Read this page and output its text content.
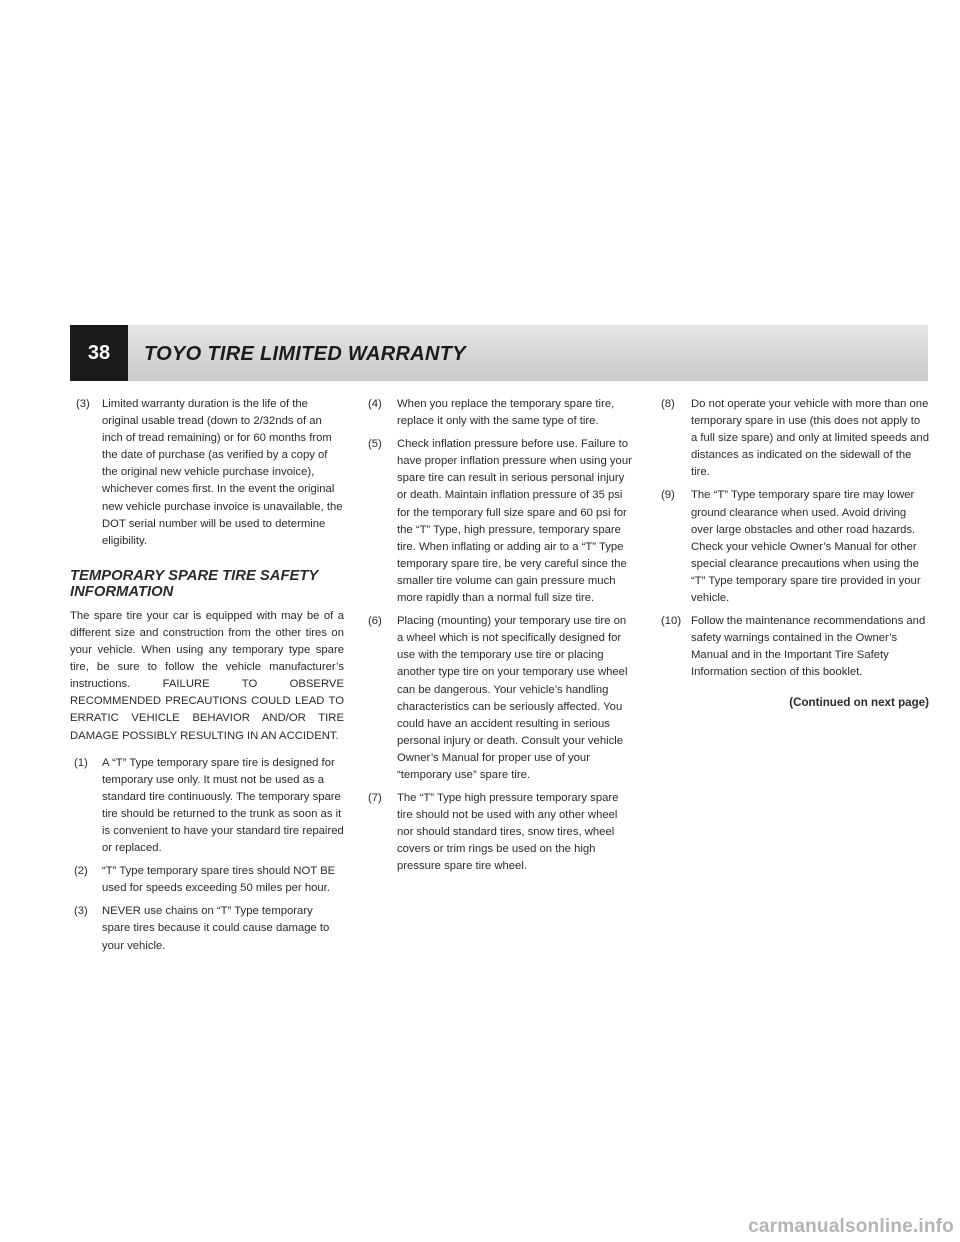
38	TOYO TIRE LIMITED WARRANTY
(3) Limited warranty duration is the life of the original usable tread (down to 2/32nds of an inch of tread remaining) or for 60 months from the date of purchase (as verified by a copy of the original new vehicle purchase invoice), whichever comes first. In the event the original new vehicle purchase invoice is unavailable, the DOT serial number will be used to determine eligibility.
TEMPORARY SPARE TIRE SAFETY INFORMATION
The spare tire your car is equipped with may be of a different size and construction from the other tires on your vehicle. When using any temporary type spare tire, be sure to follow the vehicle manufacturer’s instructions. FAILURE TO OBSERVE RECOMMENDED PRECAUTIONS COULD LEAD TO ERRATIC VEHICLE BEHAVIOR AND/OR TIRE DAMAGE POSSIBLY RESULTING IN AN ACCIDENT.
(1) A “T” Type temporary spare tire is designed for temporary use only. It must not be used as a standard tire continuously. The temporary spare tire should be returned to the trunk as soon as it is convenient to have your standard tire repaired or replaced.
(2) “T” Type temporary spare tires should NOT BE used for speeds exceeding 50 miles per hour.
(3) NEVER use chains on “T” Type temporary spare tires because it could cause damage to your vehicle.
(4) When you replace the temporary spare tire, replace it only with the same type of tire.
(5) Check inflation pressure before use. Failure to have proper inflation pressure when using your spare tire can result in serious personal injury or death. Maintain inflation pressure of 35 psi for the temporary full size spare and 60 psi for the “T” Type, high pressure, temporary spare tire. When inflating or adding air to a “T” Type temporary spare tire, be very careful since the smaller tire volume can gain pressure much more rapidly than a normal full size tire.
(6) Placing (mounting) your temporary use tire on a wheel which is not specifically designed for use with the temporary use tire or placing another type tire on your temporary use wheel can be dangerous. Your vehicle’s handling characteristics can be seriously affected. You could have an accident resulting in serious personal injury or death. Consult your vehicle Owner’s Manual for proper use of your “temporary use” spare tire.
(7) The “T” Type high pressure temporary spare tire should not be used with any other wheel nor should standard tires, snow tires, wheel covers or trim rings be used on the high pressure spare tire wheel.
(8) Do not operate your vehicle with more than one temporary spare in use (this does not apply to a full size spare) and only at limited speeds and distances as indicated on the sidewall of the tire.
(9) The “T” Type temporary spare tire may lower ground clearance when used. Avoid driving over large obstacles and other road hazards. Check your vehicle Owner’s Manual for other special clearance precautions when using the “T” Type temporary spare tire provided in your vehicle.
(10) Follow the maintenance recommendations and safety warnings contained in the Owner’s Manual and in the Important Tire Safety Information section of this booklet.
(Continued on next page)
carmanualsonline.info
